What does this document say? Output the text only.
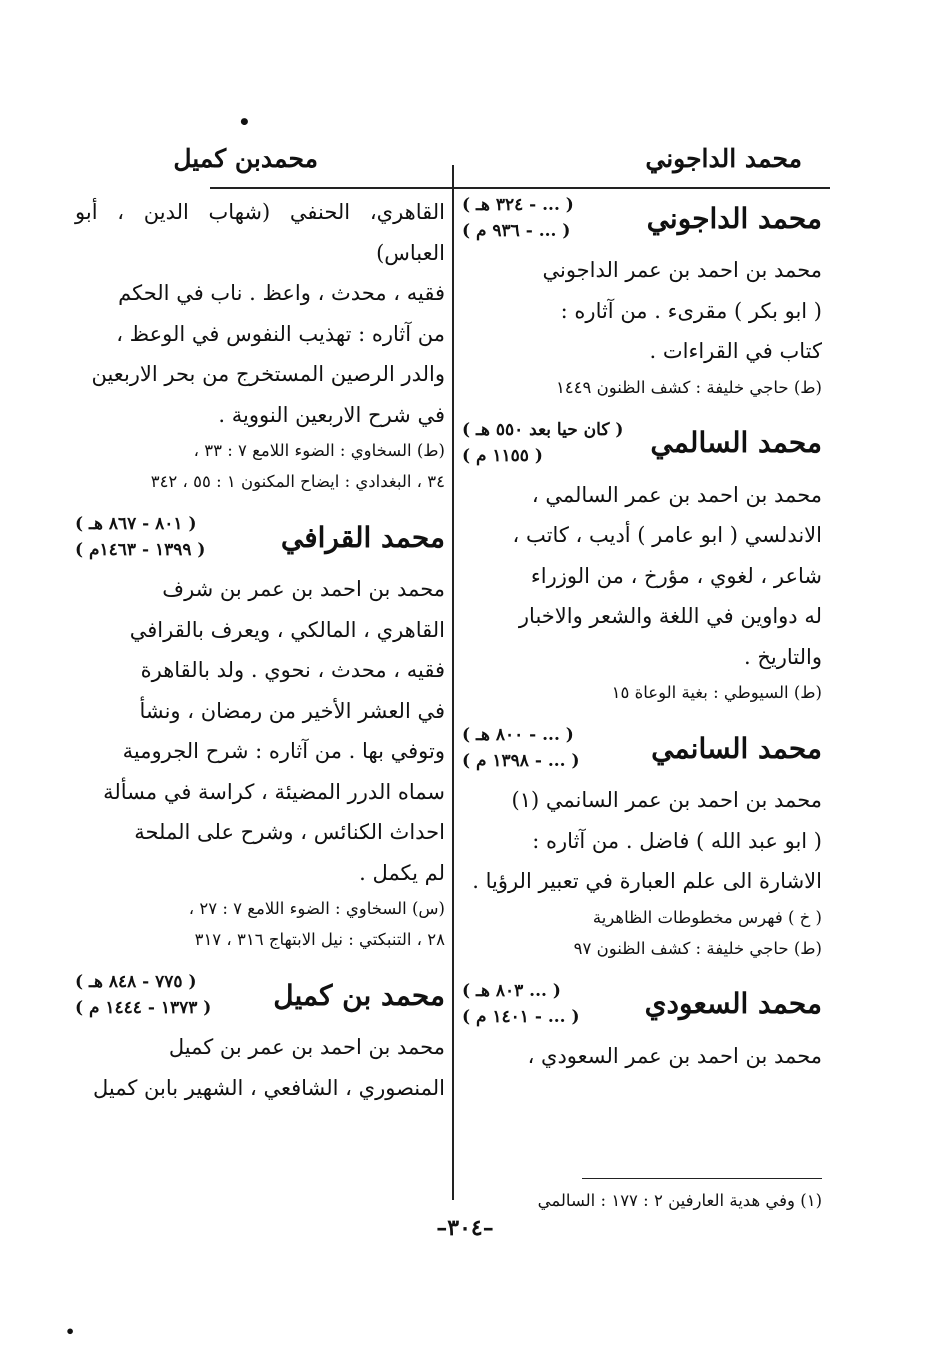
•
محمد الداجوني
محمدبن كميل
محمد الداجوني
( ... - ٣٢٤ هـ )
( ... - ٩٣٦ م )
محمد بن احمد بن عمر الداجوني
( ابو بكر ) مقرىء . من آثاره :
كتاب في القراءات .
(ط) حاجي خليفة : كشف الظنون ١٤٤٩
محمد السالمي
( كان حيا بعد ٥٥٠ هـ )
( ١١٥٥ م )
محمد بن احمد بن عمر السالمي ،
الاندلسي ( ابو عامر ) أديب ، كاتب ،
شاعر ، لغوي ، مؤرخ ، من الوزراء
له دواوين في اللغة والشعر والاخبار
والتاريخ .
(ط) السيوطي : بغية الوعاة ١٥
محمد السانمي
( ... - ٨٠٠ هـ )
( ... - ١٣٩٨ م )
محمد بن احمد بن عمر السانمي (١)
( ابو عبد الله ) فاضل . من آثاره :
الاشارة الى علم العبارة في تعبير الرؤيا .
( خ ) فهرس مخطوطات الظاهرية
(ط) حاجي خليفة : كشف الظنون ٩٧
محمد السعودي
( ... ٨٠٣ هـ )
( ... - ١٤٠١ م )
محمد بن احمد بن عمر السعودي ،
(١) وفي هدية العارفين ٢ : ١٧٧ : السالمي
القاهري، الحنفي (شهاب الدين ، أبو العباس)
فقيه ، محدث ، واعظ . ناب في الحكم
من آثاره : تهذيب النفوس في الوعظ ،
والدر الرصين المستخرج من بحر الاربعين
في شرح الاربعين النووية .
(ط) السخاوي : الضوء اللامع ٧ : ٣٣ ،
٣٤ ، البغدادي : ايضاح المكنون ١ : ٥٥ ، ٣٤٢
محمد القرافي
( ٨٠١ - ٨٦٧ هـ )
( ١٣٩٩ - ١٤٦٣م )
محمد بن احمد بن عمر بن شرف
القاهري ، المالكي ، ويعرف بالقرافي
فقيه ، محدث ، نحوي . ولد بالقاهرة
في العشر الأخير من رمضان ، ونشأ
وتوفي بها . من آثاره : شرح الجرومية
سماه الدرر المضيئة ، كراسة في مسألة
احداث الكنائس ، وشرح على الملحة
لم يكمل .
(س) السخاوي : الضوء اللامع ٧ : ٢٧ ،
٢٨ ، التنبكتي : نيل الابتهاج ٣١٦ ، ٣١٧
محمد بن كميل
( ٧٧٥ - ٨٤٨ هـ )
( ١٣٧٣ - ١٤٤٤ م )
محمد بن احمد بن عمر بن كميل
المنصوري ، الشافعي ، الشهير بابن كميل
–٣٠٤–
•
